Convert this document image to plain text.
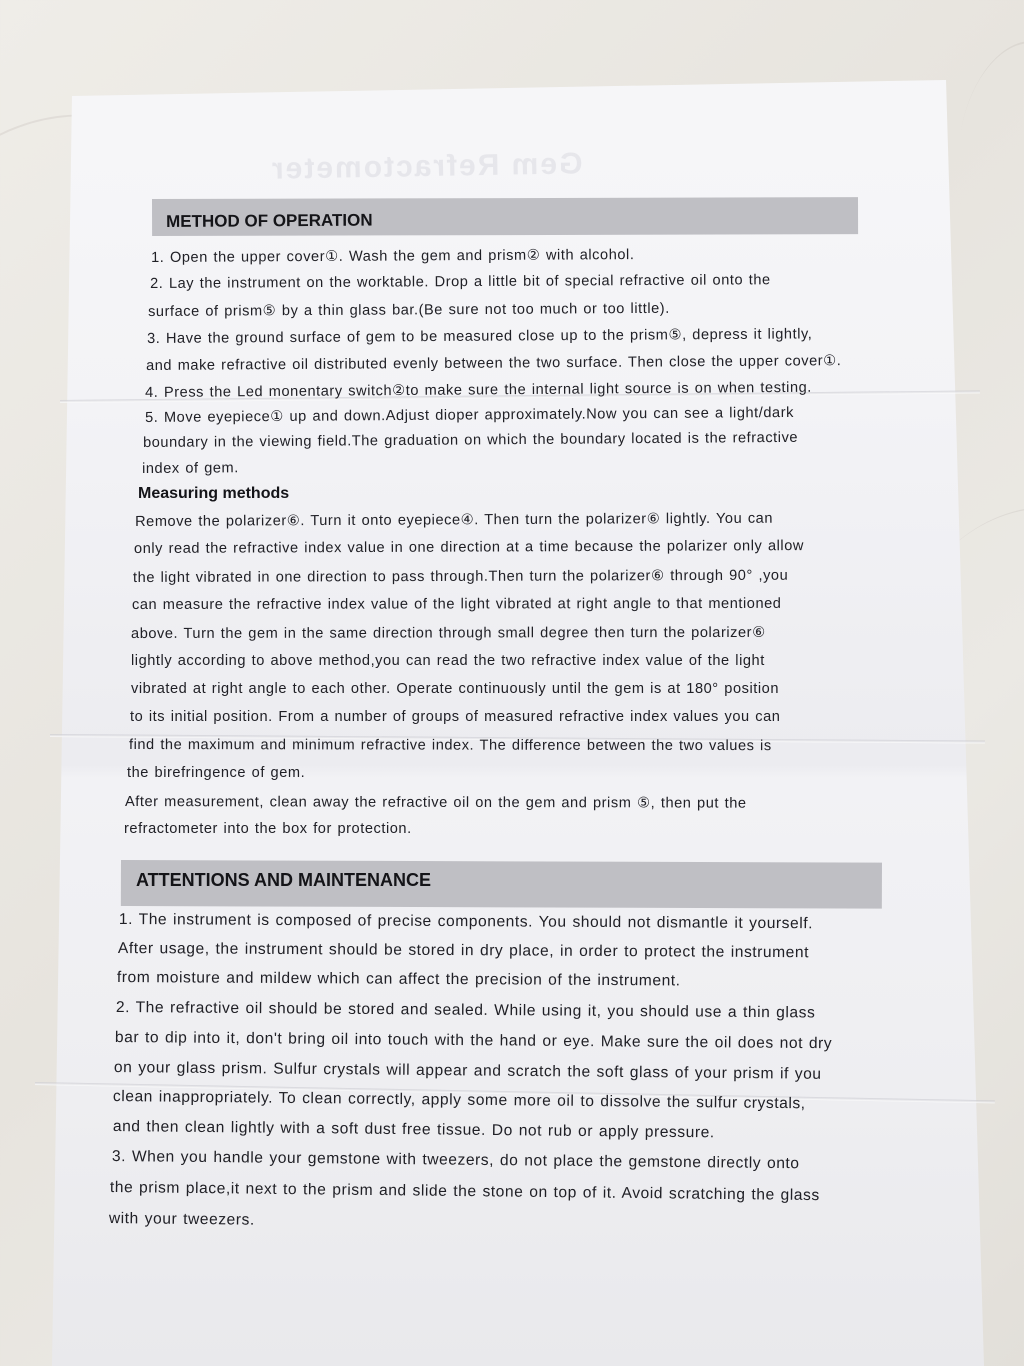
Gem Refractometer
METHOD OF OPERATION
1. Open the upper cover①. Wash the gem and prism② with alcohol.
2. Lay the instrument on the worktable. Drop a little bit of special refractive oil onto the
surface of prism⑤ by a thin glass bar.(Be sure not too much or too little).
3. Have the ground surface of gem to be measured close up to the prism⑤, depress it lightly,
and make refractive oil distributed evenly between the two surface. Then close the upper cover①.
4. Press the Led monentary switch②to make sure the internal light source is on when testing.
5. Move eyepiece① up and down.Adjust dioper approximately.Now you can see a light/dark
boundary in the viewing field.The graduation on which the boundary located is the refractive
index of gem.
Measuring methods
Remove the polarizer⑥. Turn it onto eyepiece④. Then turn the polarizer⑥ lightly. You can
only read the refractive index value in one direction at a time because the polarizer only allow
the light vibrated in one direction to pass through.Then turn the polarizer⑥ through 90° ,you
can measure the refractive index value of the light vibrated at right angle to that mentioned
above. Turn the gem in the same direction through small degree then turn the polarizer⑥
lightly according to above method,you can read the two refractive index value of the light
vibrated at right angle to each other. Operate continuously until the gem is at 180° position
to its initial position. From a number of groups of measured refractive index values you can
find the maximum and minimum refractive index. The difference between the two values is
the birefringence of gem.
After measurement, clean away the refractive oil on the gem and prism ⑤, then put the
refractometer into the box for protection.
ATTENTIONS AND MAINTENANCE
1. The instrument is composed of precise components. You should not dismantle it yourself.
After usage, the instrument should be stored in dry place, in order to protect the instrument
from moisture and mildew which can affect the precision of the instrument.
2. The refractive oil should be stored and sealed. While using it, you should use a thin glass
bar to dip into it, don't bring oil into touch with the hand or eye. Make sure the oil does not dry
on your glass prism. Sulfur crystals will appear and scratch the soft glass of your prism if you
clean inappropriately. To clean correctly, apply some more oil to dissolve the sulfur crystals,
and then clean lightly with a soft dust free tissue. Do not rub or apply pressure.
3. When you handle your gemstone with tweezers, do not place the gemstone directly onto
the prism place,it next to the prism and slide the stone on top of it. Avoid scratching the glass
with your tweezers.
